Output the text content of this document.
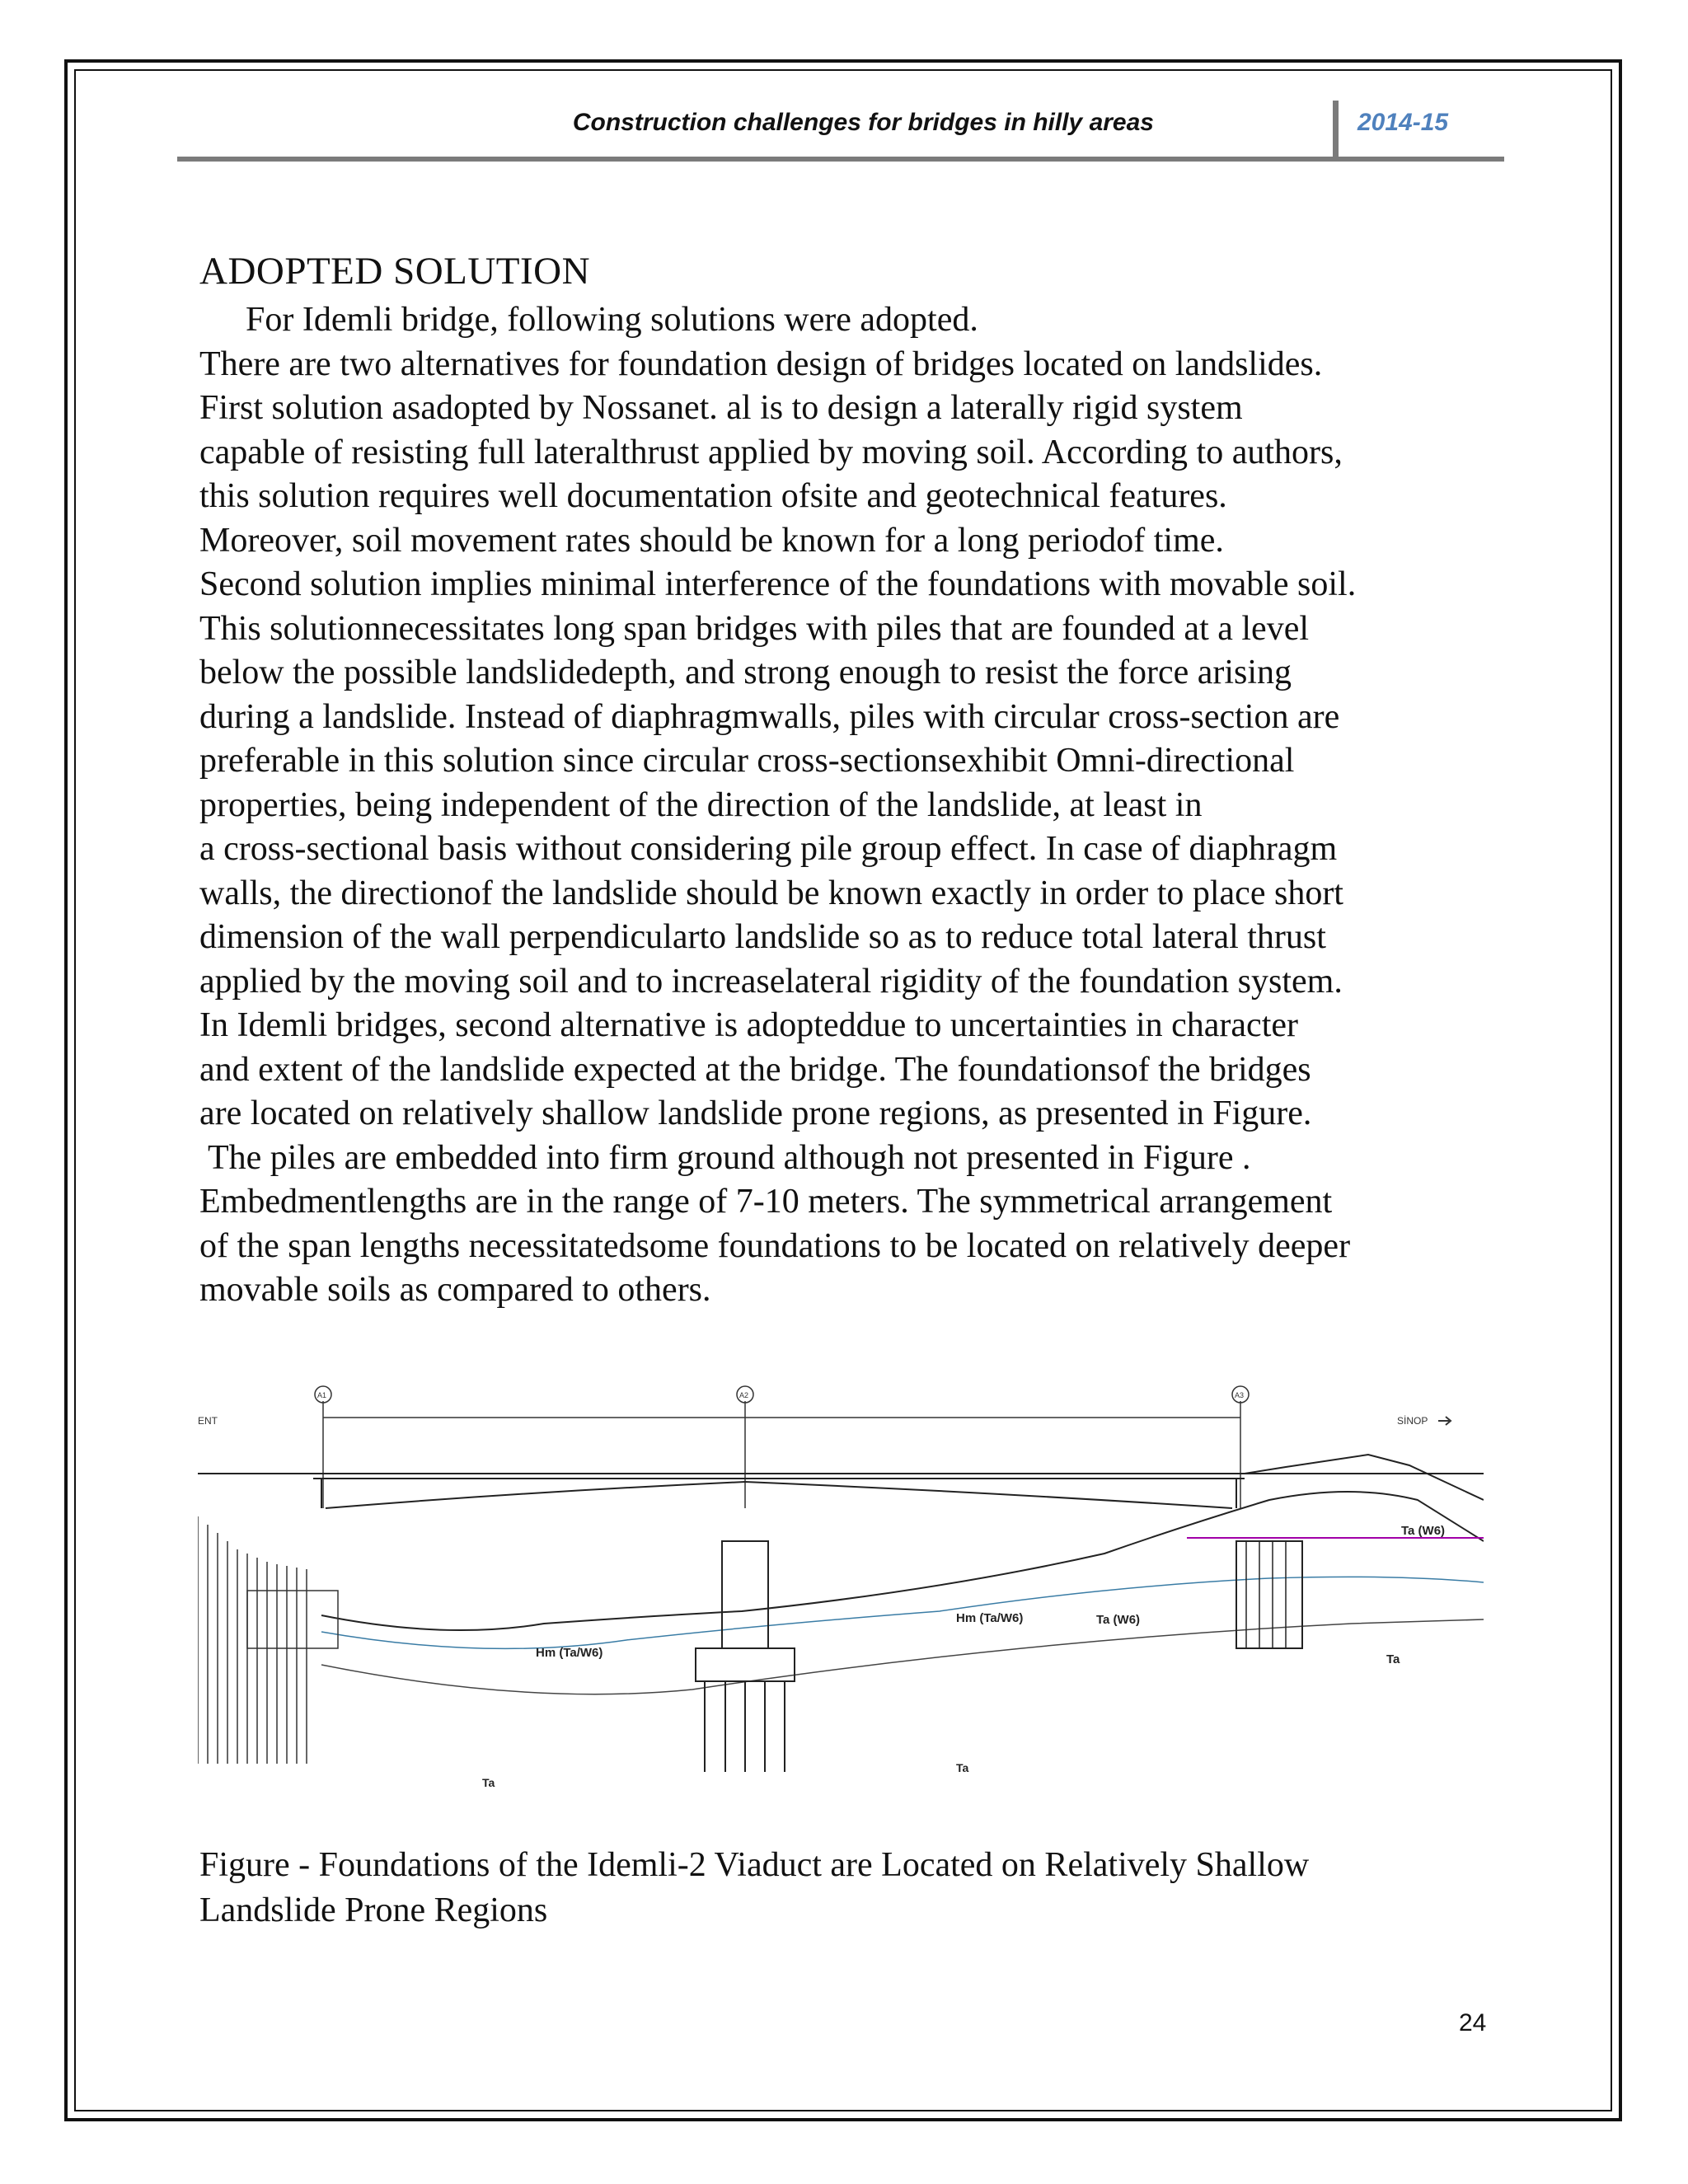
Construction challenges for bridges in hilly areas	2014-15
ADOPTED SOLUTION
For Idemli bridge, following solutions were adopted.
There are two alternatives for foundation design of bridges located on landslides.
First solution asadopted by Nossanet. al is to design a laterally rigid system
capable of resisting full lateralthrust applied by moving soil. According to authors,
this solution requires well documentation ofsite and geotechnical features.
Moreover, soil movement rates should be known for a long periodof time.
Second solution implies minimal interference of the foundations with movable soil.
This solutionnecessitates long span bridges with piles that are founded at a level
below the possible landslidedepth, and strong enough to resist the force arising
during a landslide. Instead of diaphragmwalls, piles with circular cross-section are
preferable in this solution since circular cross-sectionsexhibit Omni-directional
properties, being independent of the direction of the landslide, at least in
a cross-sectional basis without considering pile group effect. In case of diaphragm
walls, the directionof the landslide should be known exactly in order to place short
dimension of the wall perpendicularto landslide so as to reduce total lateral thrust
applied by the moving soil and to increaselateral rigidity of the foundation system.
In Idemli bridges, second alternative is adopteddue to uncertainties in character
and extent of the landslide expected at the bridge. The foundationsof the bridges
are located on relatively shallow landslide prone regions, as presented in Figure.
The piles are embedded into firm ground although not presented in Figure .
Embedmentlengths are in the range of 7-10 meters. The symmetrical arrangement
of the span lengths necessitatedsome foundations to be located on relatively deeper
movable soils as compared to others.
A1	A2	A3
ENT	SİNOP
Hm (Ta/W6)
Hm (Ta/W6)	Ta (W6)
Ta (W6)
Ta
Ta
Ta
Figure - Foundations of the Idemli-2 Viaduct are Located on Relatively Shallow
Landslide Prone Regions
24
